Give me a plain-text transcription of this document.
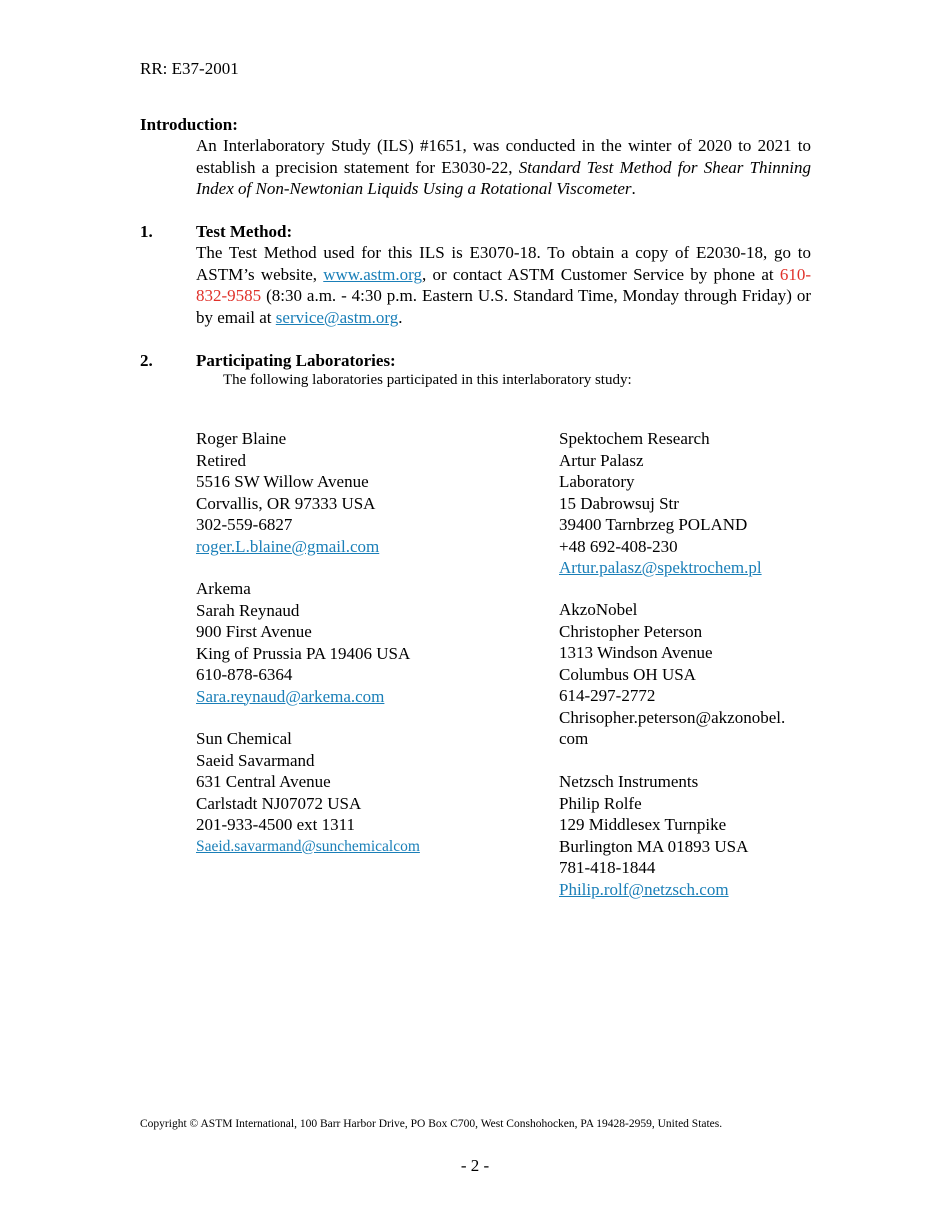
RR: E37-2001
Introduction:
An Interlaboratory Study (ILS) #1651, was conducted in the winter of 2020 to 2021 to establish a precision statement for E3030-22, Standard Test Method for Shear Thinning Index of Non-Newtonian Liquids Using a Rotational Viscometer.
1.	Test Method:
The Test Method used for this ILS is E3070-18. To obtain a copy of E2030-18, go to ASTM’s website, www.astm.org, or contact ASTM Customer Service by phone at 610-832-9585 (8:30 a.m. - 4:30 p.m. Eastern U.S. Standard Time, Monday through Friday) or by email at service@astm.org.
2.	Participating Laboratories:
The following laboratories participated in this interlaboratory study:
Roger Blaine
Retired
5516 SW Willow Avenue
Corvallis, OR 97333 USA
302-559-6827
roger.L.blaine@gmail.com
Arkema
Sarah Reynaud
900 First Avenue
King of Prussia PA 19406 USA
610-878-6364
Sara.reynaud@arkema.com
Sun Chemical
Saeid Savarmand
631 Central Avenue
Carlstadt NJ07072 USA
201-933-4500 ext 1311
Saeid.savarmand@sunchemicalcom
Spektochem Research
Artur Palasz
Laboratory
15 Dabrowsuj Str
39400 Tarnbrzeg POLAND
+48 692-408-230
Artur.palasz@spektrochem.pl
AkzoNobel
Christopher Peterson
1313 Windson Avenue
Columbus OH USA
614-297-2772
Chrisopher.peterson@akzonobel.
com
Netzsch Instruments
Philip Rolfe
129 Middlesex Turnpike
Burlington MA 01893 USA
781-418-1844
Philip.rolf@netzsch.com
Copyright © ASTM International, 100 Barr Harbor Drive, PO Box C700, West Conshohocken, PA 19428-2959, United States.
- 2 -
